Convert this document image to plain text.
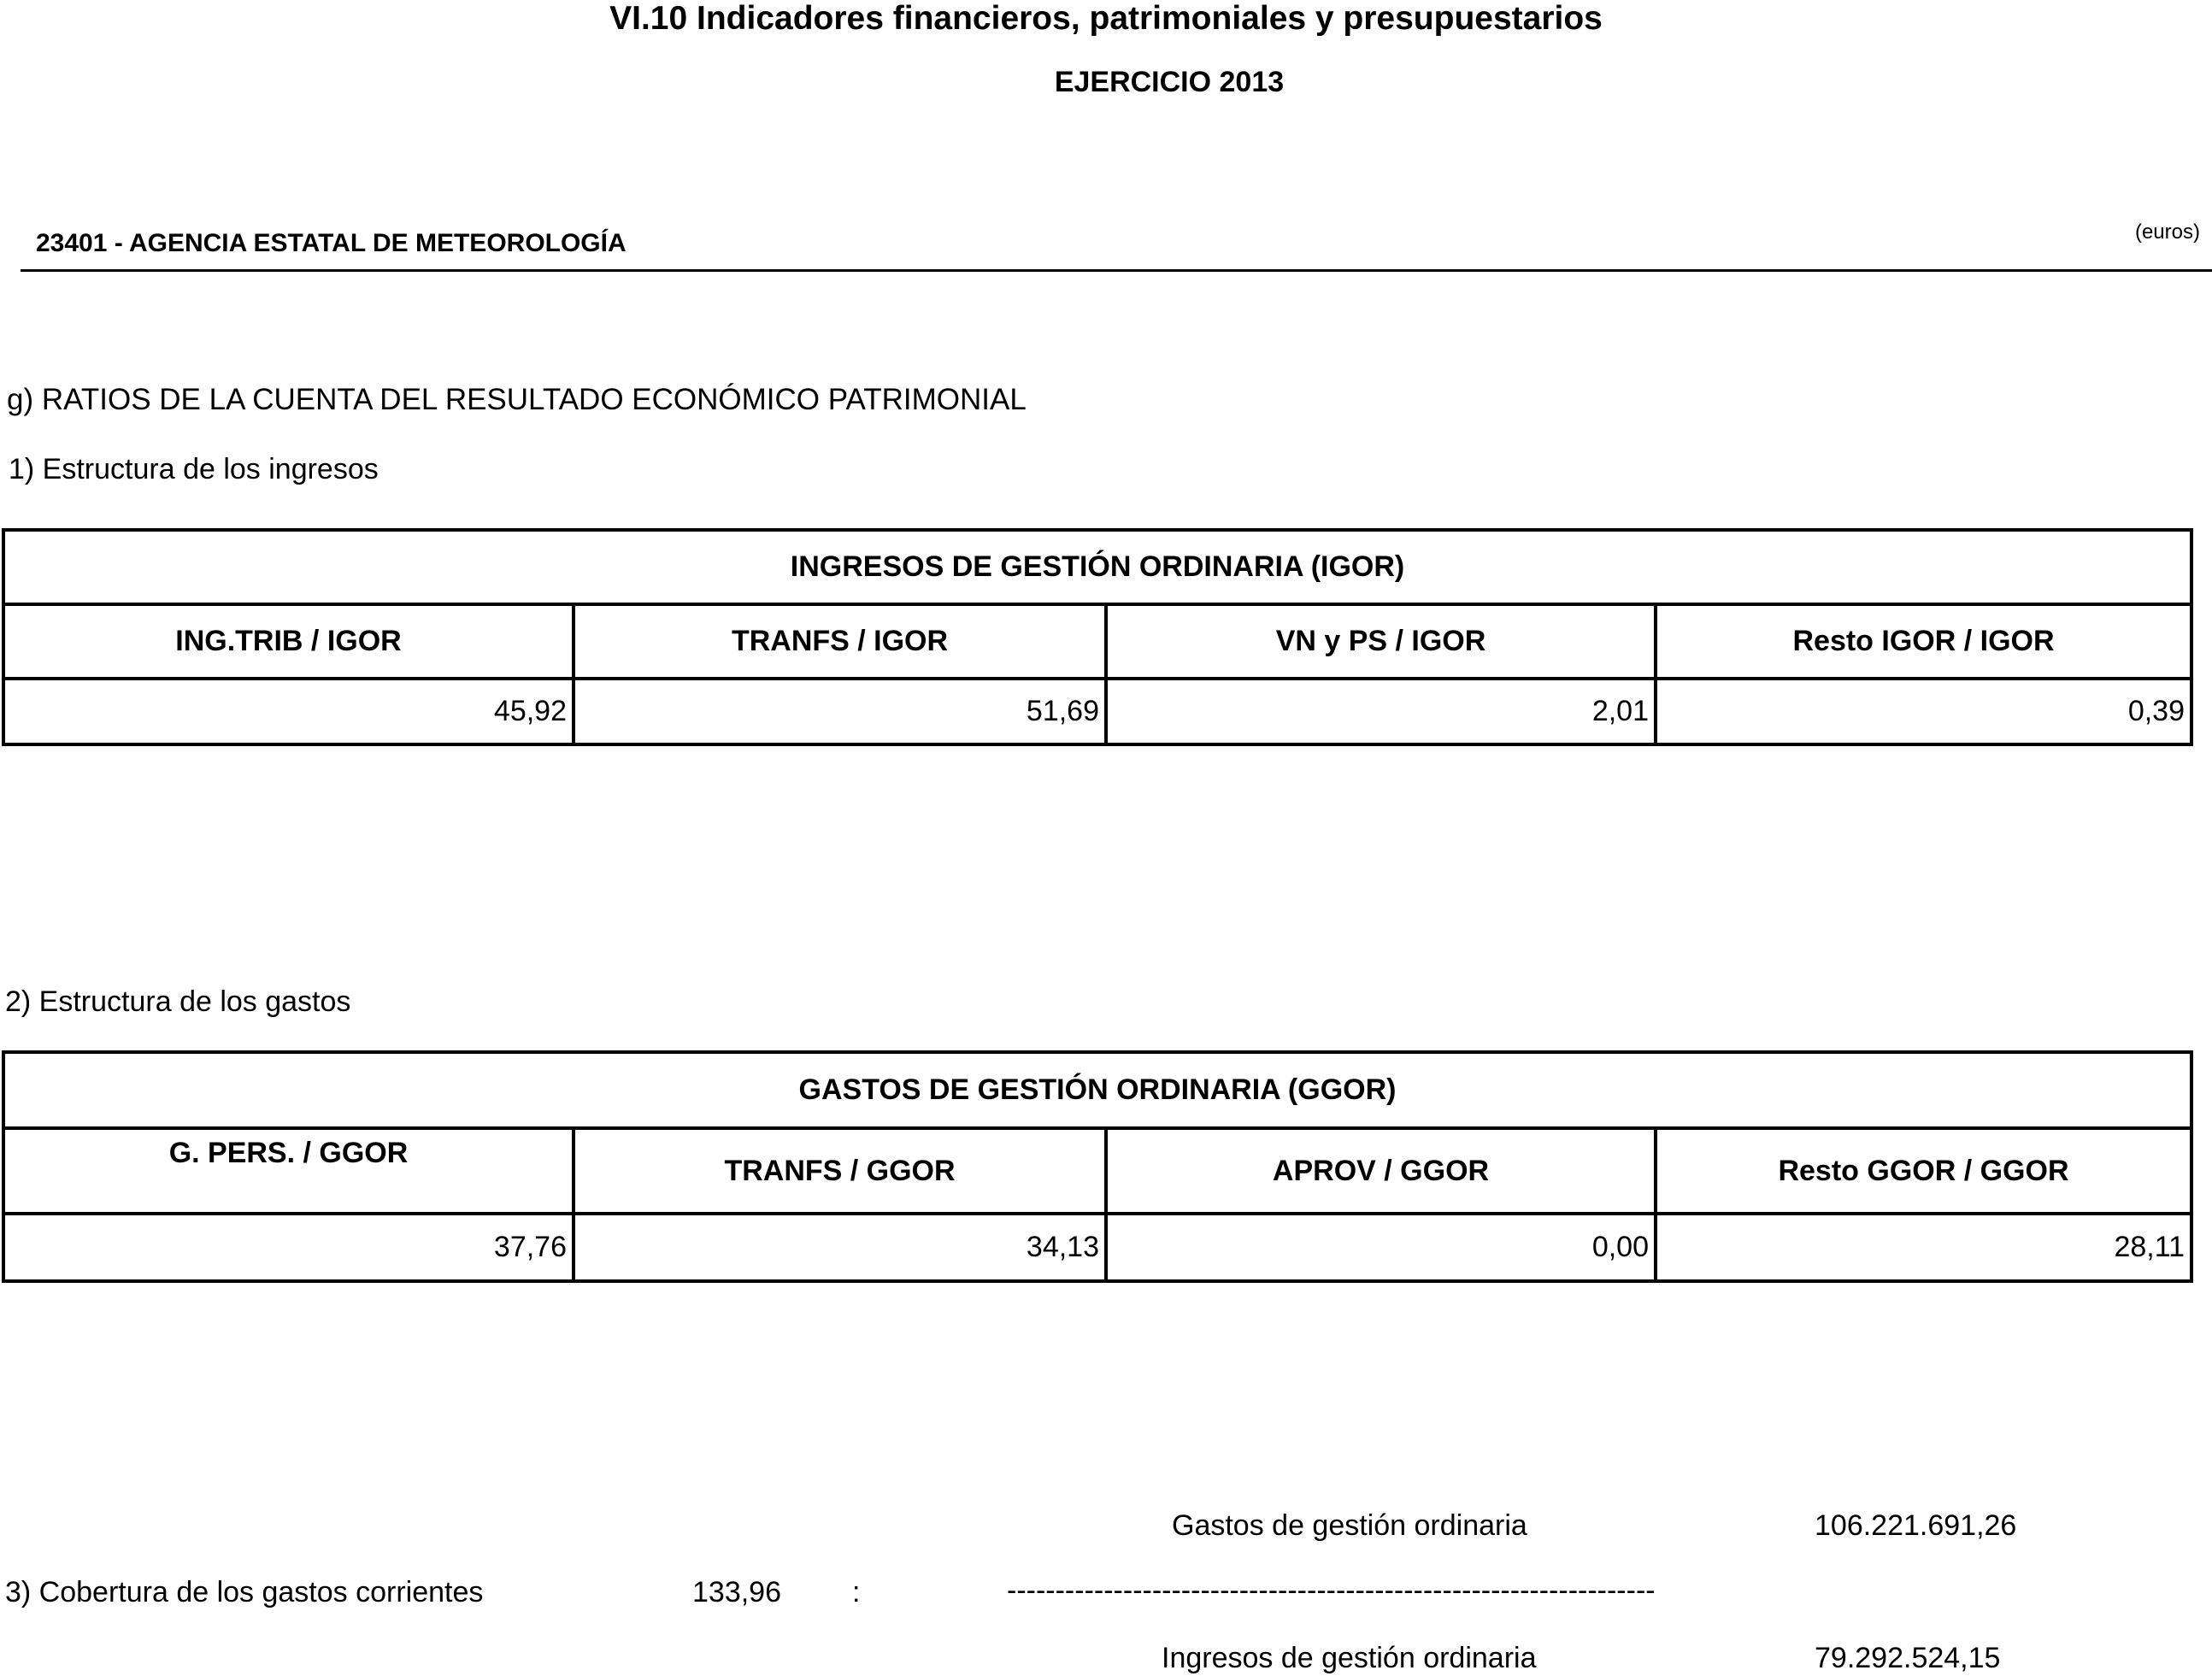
VI.10 Indicadores financieros, patrimoniales y presupuestarios
EJERCICIO 2013
23401 - AGENCIA ESTATAL DE METEOROLOGÍA	(euros)
g) RATIOS DE LA CUENTA DEL RESULTADO ECONÓMICO PATRIMONIAL
1) Estructura de los ingresos
INGRESOS DE GESTIÓN ORDINARIA (IGOR)			
ING.TRIB / IGOR	TRANFS / IGOR	VN y PS / IGOR	Resto IGOR / IGOR
45,92	51,69	2,01	0,39
2) Estructura de los gastos
GASTOS DE GESTIÓN ORDINARIA (GGOR)			
G. PERS. / GGOR	TRANFS / GGOR	APROV / GGOR	Resto GGOR / GGOR
37,76	34,13	0,00	28,11
Gastos de gestión ordinaria	106.221.691,26
3) Cobertura de los gastos corrientes	133,96 :	-------------------------------------------------------------------
Ingresos de gestión ordinaria	79.292.524,15
